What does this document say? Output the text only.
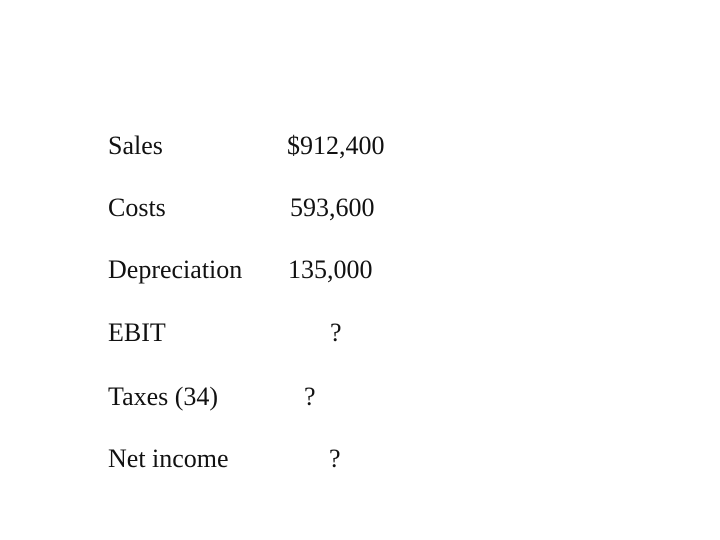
Sales	$912,400
Costs	593,600
Depreciation 135,000
EBIT	?
Taxes (34)	?
Net income	?
